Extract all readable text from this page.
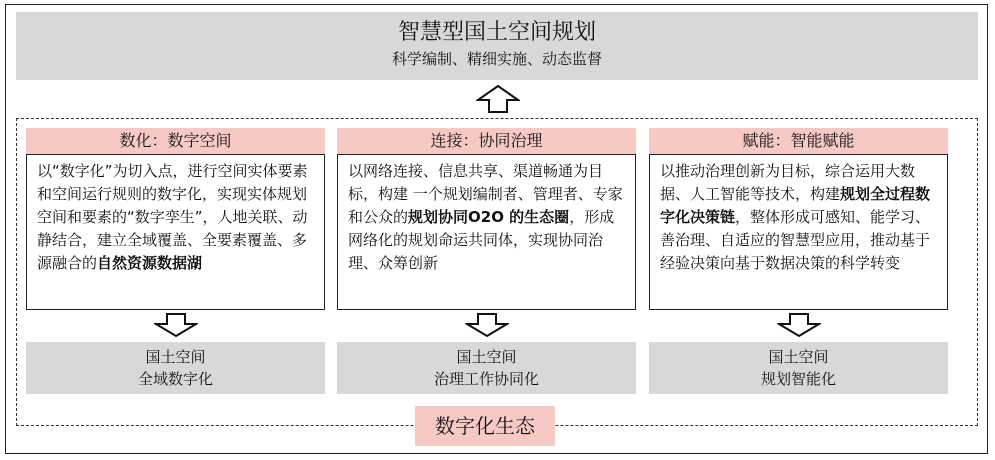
智慧型国土空间规划
科学编制、精细实施、动态监督
数化：数字空间
以“数字化”为切入点，进行空间实体要素和空间运行规则的数字化，实现实体规划空间和要素的“数字孪生”，人地关联、动静结合，建立全域覆盖、全要素覆盖、多源融合的自然资源数据湖
国土空间
全域数字化
连接：协同治理
以网络连接、信息共享、渠道畅通为目标，构建 一个规划编制者、管理者、专家和公众的规划协同O2O 的生态圈，形成网络化的规划命运共同体，实现协同治理、众筹创新
国土空间
治理工作协同化
赋能：智能赋能
以推动治理创新为目标，综合运用大数据、人工智能等技术，构建规划全过程数字化决策链，整体形成可感知、能学习、善治理、自适应的智慧型应用，推动基于经验决策向基于数据决策的科学转变
国土空间
规划智能化
数字化生态
